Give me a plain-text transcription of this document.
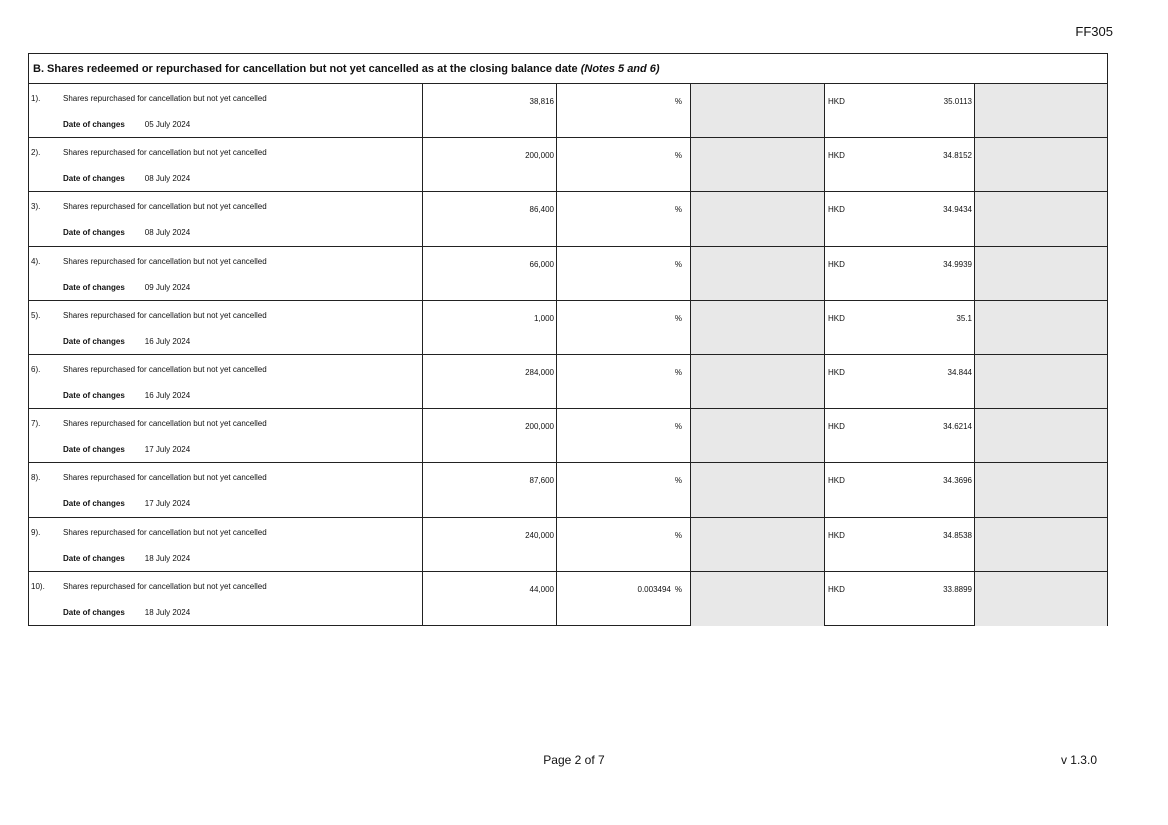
FF305
B. Shares redeemed or repurchased for cancellation but not yet cancelled as at the closing balance date (Notes 5 and 6)
1).	Shares repurchased for cancellation but not yet cancelled
Date of changes	05 July 2024
38,816	%	HKD	35.0113
2).	Shares repurchased for cancellation but not yet cancelled
Date of changes	08 July 2024
200,000	%	HKD	34.8152
3).	Shares repurchased for cancellation but not yet cancelled
Date of changes	08 July 2024
86,400	%	HKD	34.9434
4).	Shares repurchased for cancellation but not yet cancelled
Date of changes	09 July 2024
66,000	%	HKD	34.9939
5).	Shares repurchased for cancellation but not yet cancelled
Date of changes	16 July 2024
1,000	%	HKD	35.1
6).	Shares repurchased for cancellation but not yet cancelled
Date of changes	16 July 2024
284,000	%	HKD	34.844
7).	Shares repurchased for cancellation but not yet cancelled
Date of changes	17 July 2024
200,000	%	HKD	34.6214
8).	Shares repurchased for cancellation but not yet cancelled
Date of changes	17 July 2024
87,600	%	HKD	34.3696
9).	Shares repurchased for cancellation but not yet cancelled
Date of changes	18 July 2024
240,000	%	HKD	34.8538
10).	Shares repurchased for cancellation but not yet cancelled
Date of changes	18 July 2024
44,000	0.003494 %	HKD	33.8899
Page 2 of 7	v 1.3.0
